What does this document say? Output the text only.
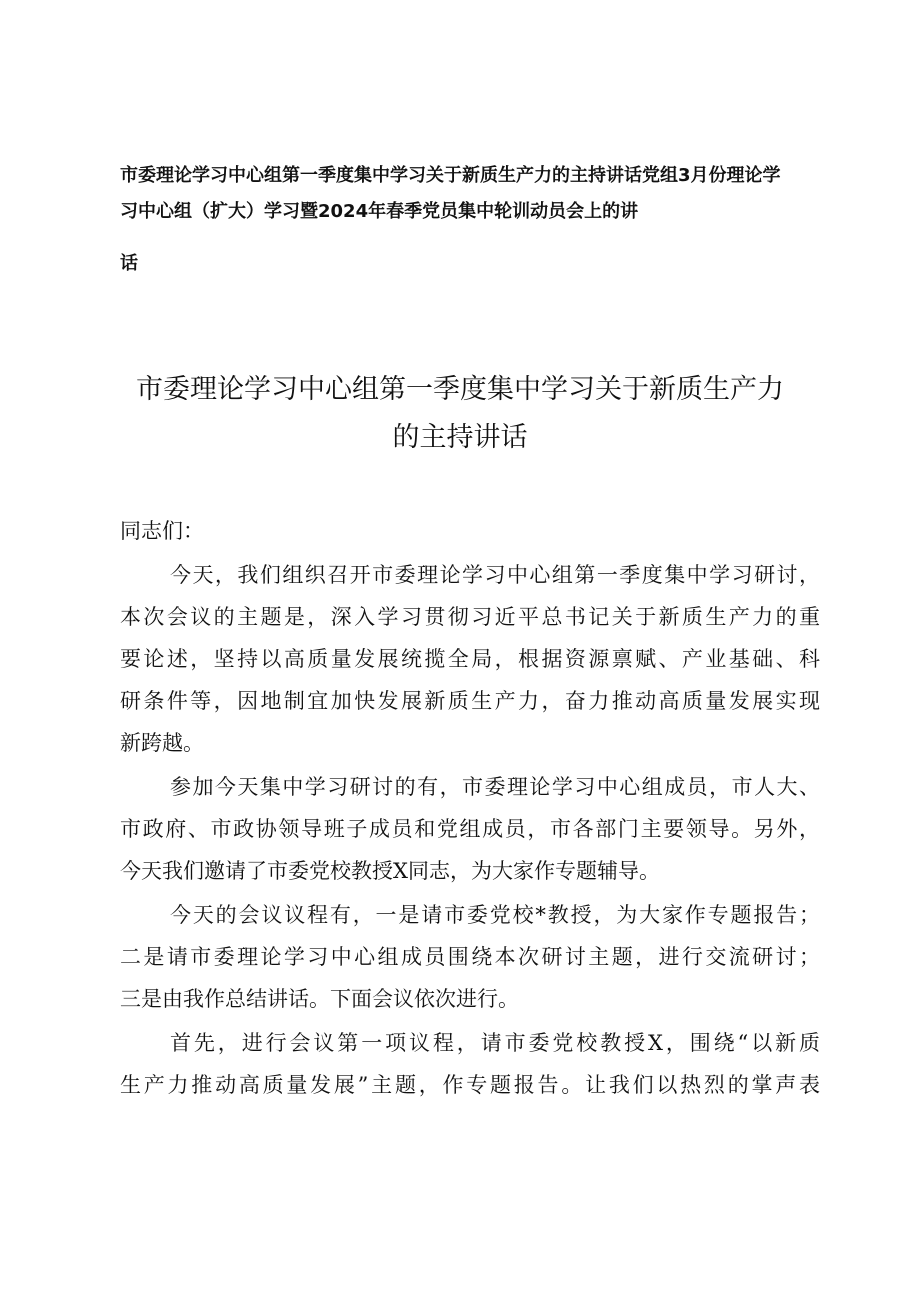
市委理论学习中心组第一季度集中学习关于新质生产力的主持讲话党组3月份理论学
习中心组（扩大）学习暨2024年春季党员集中轮训动员会上的讲
话
市委理论学习中心组第一季度集中学习关于新质生产力
的主持讲话

同志们：

今天，我们组织召开市委理论学习中心组第一季度集中学习研讨，
本次会议的主题是，深入学习贯彻习近平总书记关于新质生产力的重
要论述，坚持以高质量发展统揽全局，根据资源禀赋、产业基础、科
研条件等，因地制宜加快发展新质生产力，奋力推动高质量发展实现
新跨越。
参加今天集中学习研讨的有，市委理论学习中心组成员，市人大、
市政府、市政协领导班子成员和党组成员，市各部门主要领导。另外，
今天我们邀请了市委党校教授X同志，为大家作专题辅导。
今天的会议议程有，一是请市委党校*教授，为大家作专题报告；
二是请市委理论学习中心组成员围绕本次研讨主题，进行交流研讨；
三是由我作总结讲话。下面会议依次进行。
首先，进行会议第一项议程，请市委党校教授X，围绕“以新质
生产力推动高质量发展”主题，作专题报告。让我们以热烈的掌声表
